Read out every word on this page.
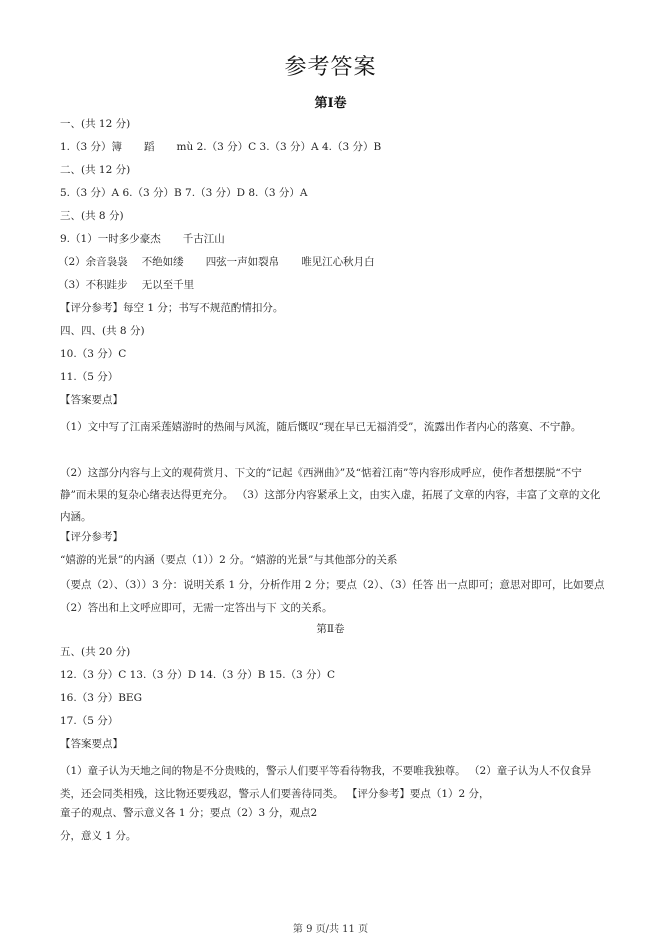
参考答案
第Ⅰ卷
一、(共 12 分)
1.（3 分）簿 蹈 mù 2.（3 分）C 3.（3 分）A 4.（3 分）B
二、(共 12 分)
5.（3 分）A 6.（3 分）B 7.（3 分）D 8.（3 分）A
三、(共 8 分)
9.（1）一时多少豪杰 千古江山
（2）余音袅袅 不绝如缕 四弦一声如裂帛 唯见江心秋月白
（3）不积跬步 无以至千里
【评分参考】每空 1 分；书写不规范酌情扣分。
四、四、(共 8 分)
10.（3 分）C
11.（5 分）
【答案要点】
（1）文中写了江南采莲嬉游时的热闹与风流，随后慨叹“现在早已无福消受”，流露出作者内心的落寞、不宁静。
（2）这部分内容与上文的观荷赏月、下文的“记起《西洲曲》”及“惦着江南”等内容形成呼应，使作者想摆脱“不宁静”而未果的复杂心绪表达得更充分。 （3）这部分内容紧承上文，由实入虚，拓展了文章的内容，丰富了文章的文化内涵。
【评分参考】
“嬉游的光景”的内涵（要点（1））2 分。“嬉游的光景”与其他部分的关系
（要点（2）、（3））3 分：说明关系 1 分，分析作用 2 分；要点（2）、（3）任答 出一点即可；意思对即可，比如要点（2）答出和上文呼应即可，无需一定答出与下 文的关系。
第Ⅱ卷
五、(共 20 分)
12.（3 分）C 13.（3 分）D 14.（3 分）B 15.（3 分）C
16.（3 分）BEG
17.（5 分）
【答案要点】
（1）童子认为天地之间的物是不分贵贱的，警示人们要平等看待物我，不要唯我独尊。 （2）童子认为人不仅食异类，还会同类相残，这比物还要残忍，警示人们要善待同类。 【评分参考】要点（1）2 分，
童子的观点、警示意义各 1 分；要点（2）3 分，观点2
分，意义 1 分。
第 9 页/共 11 页
